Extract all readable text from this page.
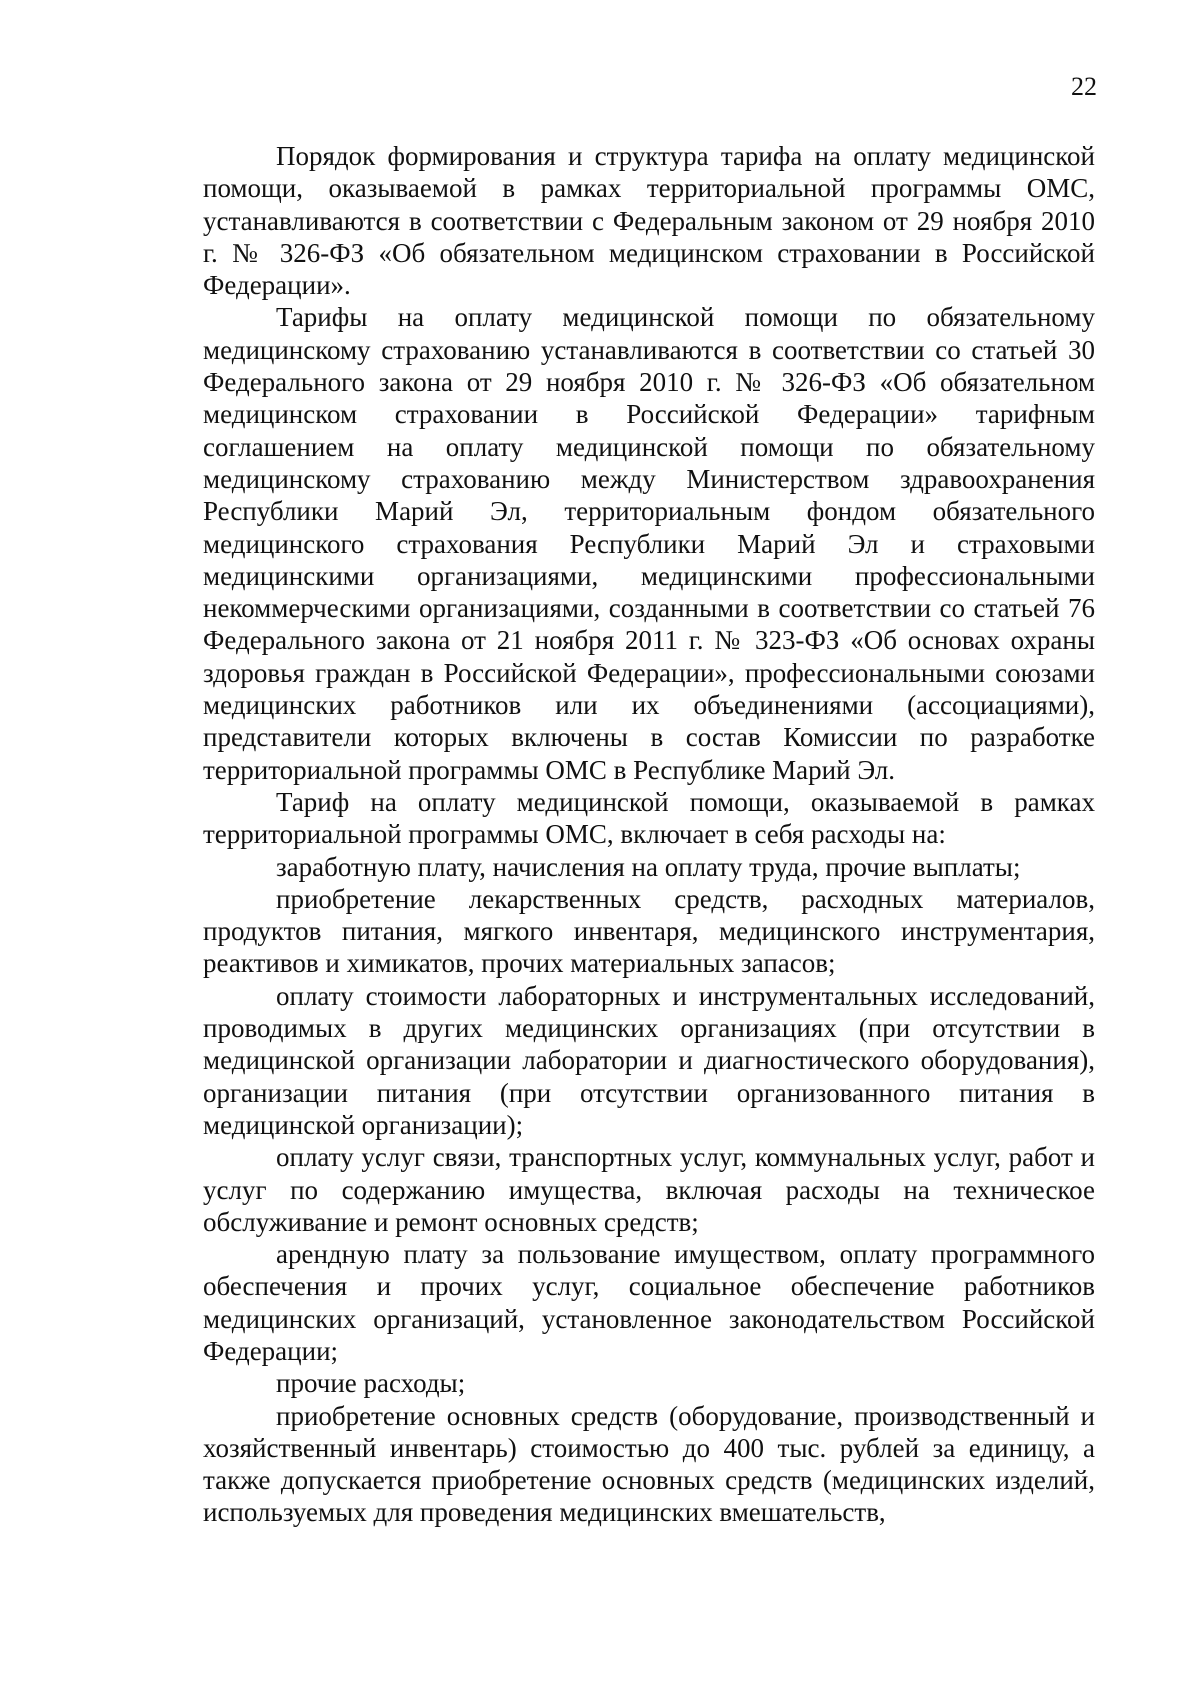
22

Порядок формирования и структура тарифа на оплату медицинской помощи, оказываемой в рамках территориальной программы ОМС, устанавливаются в соответствии с Федеральным законом от 29 ноября 2010 г. № 326-ФЗ «Об обязательном медицинском страховании в Российской Федерации».

Тарифы на оплату медицинской помощи по обязательному медицинскому страхованию устанавливаются в соответствии со статьей 30 Федерального закона от 29 ноября 2010 г. № 326-ФЗ «Об обязательном медицинском страховании в Российской Федерации» тарифным соглашением на оплату медицинской помощи по обязательному медицинскому страхованию между Министерством здравоохранения Республики Марий Эл, территориальным фондом обязательного медицинского страхования Республики Марий Эл и страховыми медицинскими организациями, медицинскими профессиональными некоммерческими организациями, созданными в соответствии со статьей 76 Федерального закона от 21 ноября 2011 г. № 323-ФЗ «Об основах охраны здоровья граждан в Российской Федерации», профессиональными союзами медицинских работников или их объединениями (ассоциациями), представители которых включены в состав Комиссии по разработке территориальной программы ОМС в Республике Марий Эл.

Тариф на оплату медицинской помощи, оказываемой в рамках территориальной программы ОМС, включает в себя расходы на:

заработную плату, начисления на оплату труда, прочие выплаты;

приобретение лекарственных средств, расходных материалов, продуктов питания, мягкого инвентаря, медицинского инструментария, реактивов и химикатов, прочих материальных запасов;

оплату стоимости лабораторных и инструментальных исследований, проводимых в других медицинских организациях (при отсутствии в медицинской организации лаборатории и диагностического оборудования), организации питания (при отсутствии организованного питания в медицинской организации);

оплату услуг связи, транспортных услуг, коммунальных услуг, работ и услуг по содержанию имущества, включая расходы на техническое обслуживание и ремонт основных средств;

арендную плату за пользование имуществом, оплату программного обеспечения и прочих услуг, социальное обеспечение работников медицинских организаций, установленное законодательством Российской Федерации;

прочие расходы;

приобретение основных средств (оборудование, производственный и хозяйственный инвентарь) стоимостью до 400 тыс. рублей за единицу, а также допускается приобретение основных средств (медицинских изделий, используемых для проведения медицинских вмешательств,
